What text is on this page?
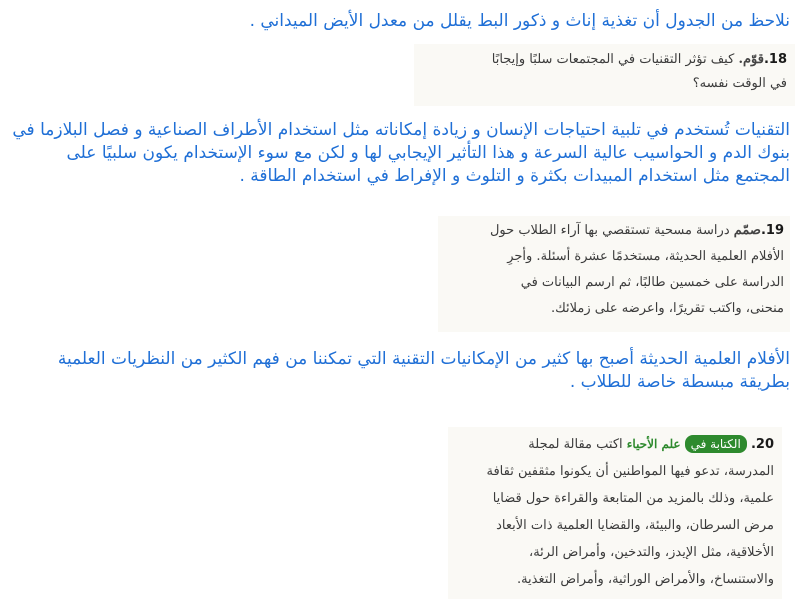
نلاحظ من الجدول أن تغذية إناث و ذكور البط يقلل من معدل الأيض الميداني .
18.قوّم. كيف تؤثر التقنيات في المجتمعات سلبًا وإيجابًا
في الوقت نفسه؟
التقنيات تُستخدم في تلبية احتياجات الإنسان و زيادة إمكاناته مثل استخدام الأطراف الصناعية و فصل البلازما في بنوك الدم و الحواسيب عالية السرعة و هذا التأثير الإيجابي لها و لكن مع سوء الإستخدام يكون سلبيًا على المجتمع مثل استخدام المبيدات بكثرة و التلوث و الإفراط في استخدام الطاقة .
19.صمّم دراسة مسحية تستقصي بها آراء الطلاب حول
الأفلام العلمية الحديثة، مستخدمًا عشرة أسئلة. وأجرِ
الدراسة على خمسين طالبًا، ثم ارسم البيانات في
منحنى، واكتب تقريرًا، واعرضه على زملائك.
الأفلام العلمية الحديثة أصبح بها كثير من الإمكانيات التقنية التي تمكننا من فهم الكثير من النظريات العلمية بطريقة مبسطة خاصة للطلاب .
20. الكتابة فيعلم الأحياء اكتب مقالة لمجلة
المدرسة، تدعو فيها المواطنين أن يكونوا مثقفين ثقافة
علمية، وذلك بالمزيد من المتابعة والقراءة حول قضايا
مرض السرطان، والبيئة، والقضايا العلمية ذات الأبعاد
الأخلاقية، مثل الإيدز، والتدخين، وأمراض الرئة،
والاستنساخ، والأمراض الوراثية، وأمراض التغذية.
